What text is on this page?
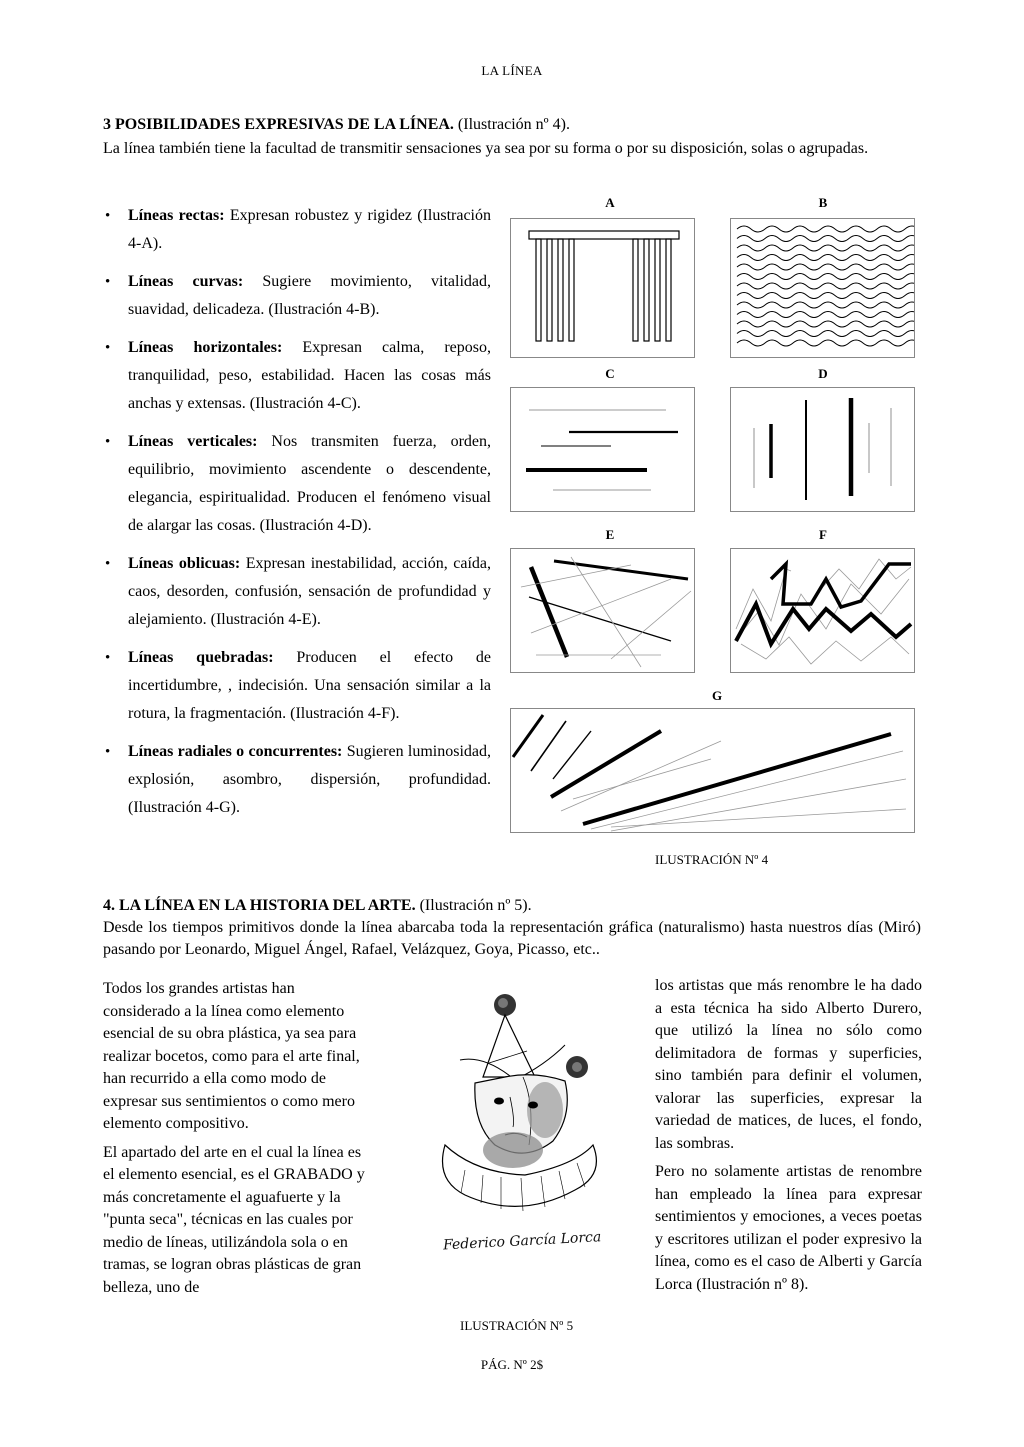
LA LÍNEA
3 POSIBILIDADES EXPRESIVAS DE LA LÍNEA. (Ilustración nº 4).
La línea también tiene la facultad de transmitir sensaciones ya sea por su forma o por su disposición, solas o agrupadas.
• Líneas rectas: Expresan robustez y rigidez (Ilustración 4-A).
• Líneas curvas: Sugiere movimiento, vitalidad, suavidad, delicadeza. (Ilustración 4-B).
• Líneas horizontales: Expresan calma, reposo, tranquilidad, peso, estabilidad. Hacen las cosas más anchas y extensas. (Ilustración 4-C).
• Líneas verticales: Nos transmiten fuerza, orden, equilibrio, movimiento ascendente o descendente, elegancia, espiritualidad. Producen el fenómeno visual de alargar las cosas. (Ilustración 4-D).
• Líneas oblicuas: Expresan inestabilidad, acción, caída, caos, desorden, confusión, sensación de profundidad y alejamiento. (Ilustración 4-E).
• Líneas quebradas: Producen el efecto de incertidumbre, , indecisión. Una sensación similar a la rotura, la fragmentación. (Ilustración 4-F).
• Líneas radiales o concurrentes: Sugieren luminosidad, explosión, asombro, dispersión, profundidad. (Ilustración 4-G).
A	B
C	D
E	F
G
ILUSTRACIÓN Nº 4
4. LA LÍNEA EN LA HISTORIA DEL ARTE. (Ilustración nº 5).
Desde los tiempos primitivos donde la línea abarcaba toda la representación gráfica (naturalismo) hasta nuestros días (Miró) pasando por Leonardo, Miguel Ángel, Rafael, Velázquez, Goya, Picasso, etc..

Todos los grandes artistas han considerado a la línea como elemento esencial de su obra plástica, ya sea para realizar bocetos, como para el arte final, han recurrido a ella como modo de expresar sus sentimientos o como mero elemento compositivo.

El apartado del arte en el cual la línea es el elemento esencial, es el GRABADO y más concretamente el aguafuerte y la "punta seca", técnicas en las cuales por medio de líneas, utilizándola sola o en tramas, se logran obras plásticas de gran belleza, uno de

Federico García Lorca

los artistas que más renombre le ha dado a esta técnica ha sido Alberto Durero, que utilizó la línea no sólo como delimitadora de formas y superficies, sino también para definir el volumen, valorar las superficies, expresar la variedad de matices, de luces, el fondo, las sombras.

Pero no solamente artistas de renombre han empleado la línea para expresar sentimientos y emociones, a veces poetas y escritores utilizan el poder expresivo la línea, como es el caso de Alberti y García Lorca (Ilustración nº 8).

ILUSTRACIÓN Nº 5
PÁG. Nº 2$
